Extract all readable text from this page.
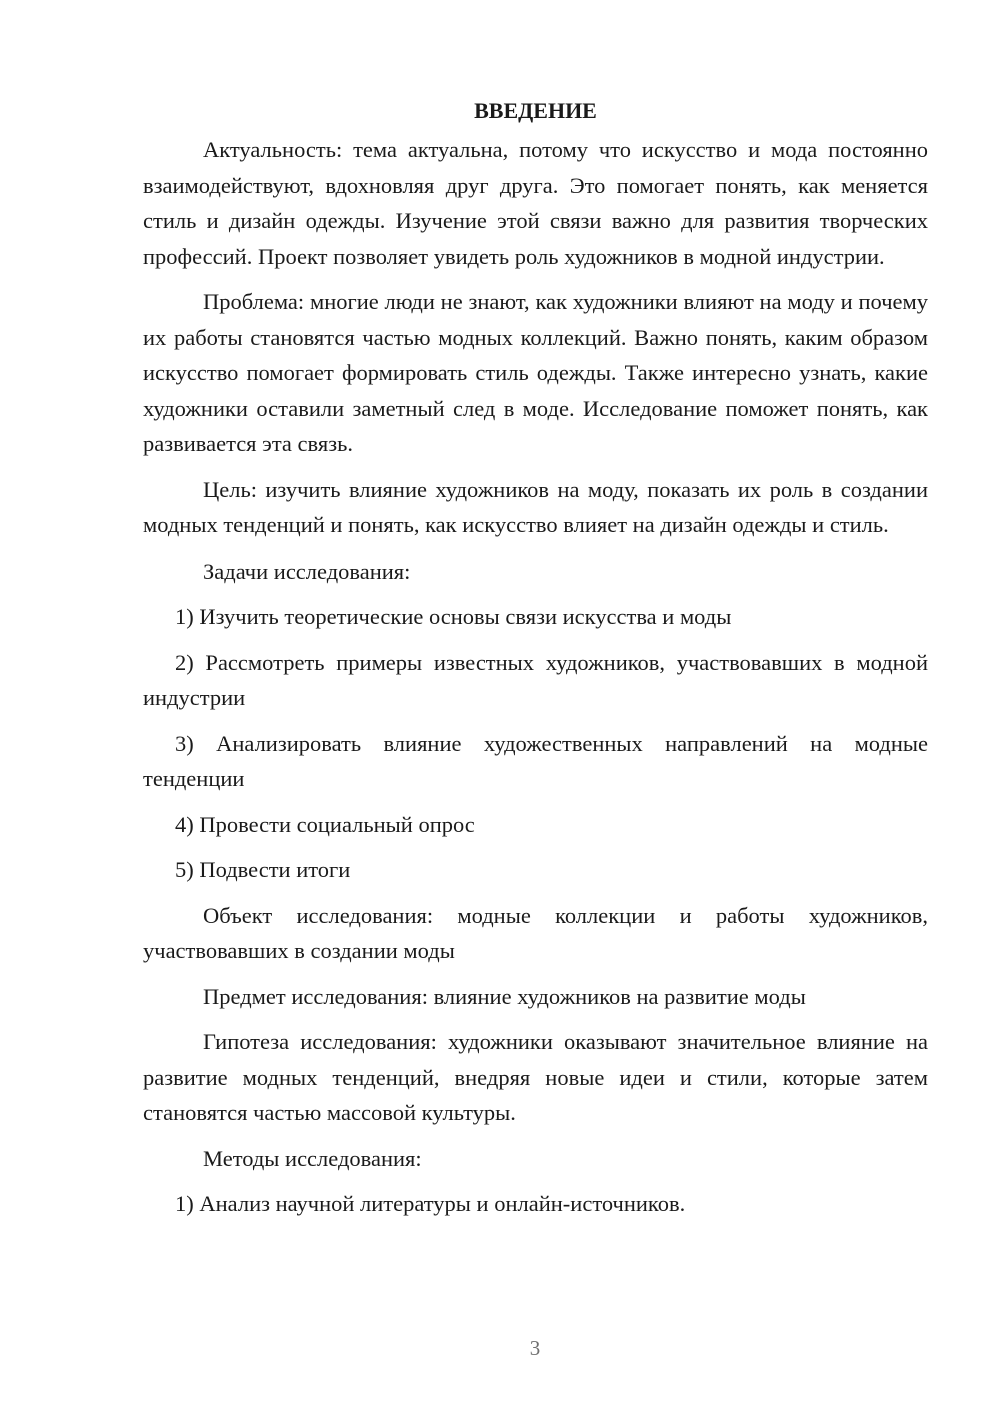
ВВЕДЕНИЕ

Актуальность: тема актуальна, потому что искусство и мода постоянно взаимодействуют, вдохновляя друг друга. Это помогает понять, как меняется стиль и дизайн одежды. Изучение этой связи важно для развития творческих профессий. Проект позволяет увидеть роль художников в модной индустрии.

Проблема: многие люди не знают, как художники влияют на моду и почему их работы становятся частью модных коллекций. Важно понять, каким образом искусство помогает формировать стиль одежды. Также интересно узнать, какие художники оставили заметный след в моде. Исследование поможет понять, как развивается эта связь.

Цель: изучить влияние художников на моду, показать их роль в создании модных тенденций и понять, как искусство влияет на дизайн одежды и стиль.

Задачи исследования:

1) Изучить теоретические основы связи искусства и моды

2) Рассмотреть примеры известных художников, участвовавших в модной индустрии

3) Анализировать влияние художественных направлений на модные тенденции

4) Провести социальный опрос

5) Подвести итоги

Объект исследования: модные коллекции и работы художников, участвовавших в создании моды

Предмет исследования: влияние художников на развитие моды

Гипотеза исследования: художники оказывают значительное влияние на развитие модных тенденций, внедряя новые идеи и стили, которые затем становятся частью массовой культуры.

Методы исследования:

1) Анализ научной литературы и онлайн-источников.

3
